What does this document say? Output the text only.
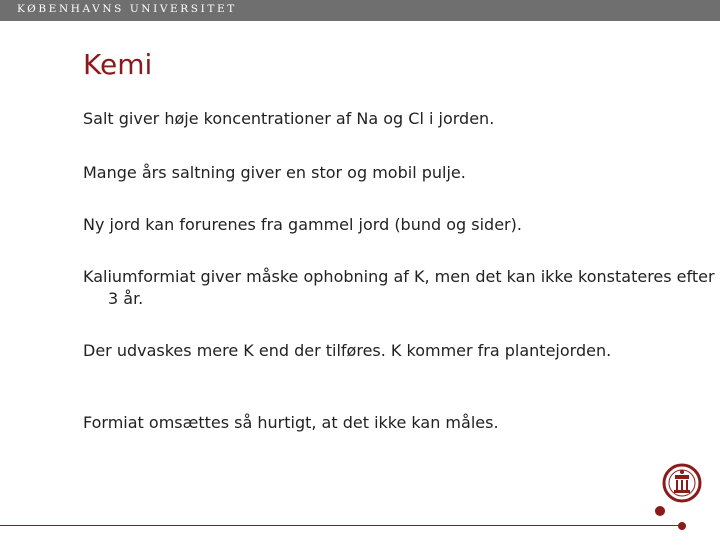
KØBENHAVNS UNIVERSITET
Kemi
Salt giver høje koncentrationer af Na og Cl i jorden.
Mange års saltning giver en stor og mobil pulje.
Ny jord kan forurenes fra gammel jord (bund og sider).
Kaliumformiat giver måske ophobning af K, men det kan ikke konstateres efter 3 år.
Der udvaskes mere K end der tilføres. K kommer fra plantejorden.
Formiat omsættes så hurtigt, at det ikke kan måles.
